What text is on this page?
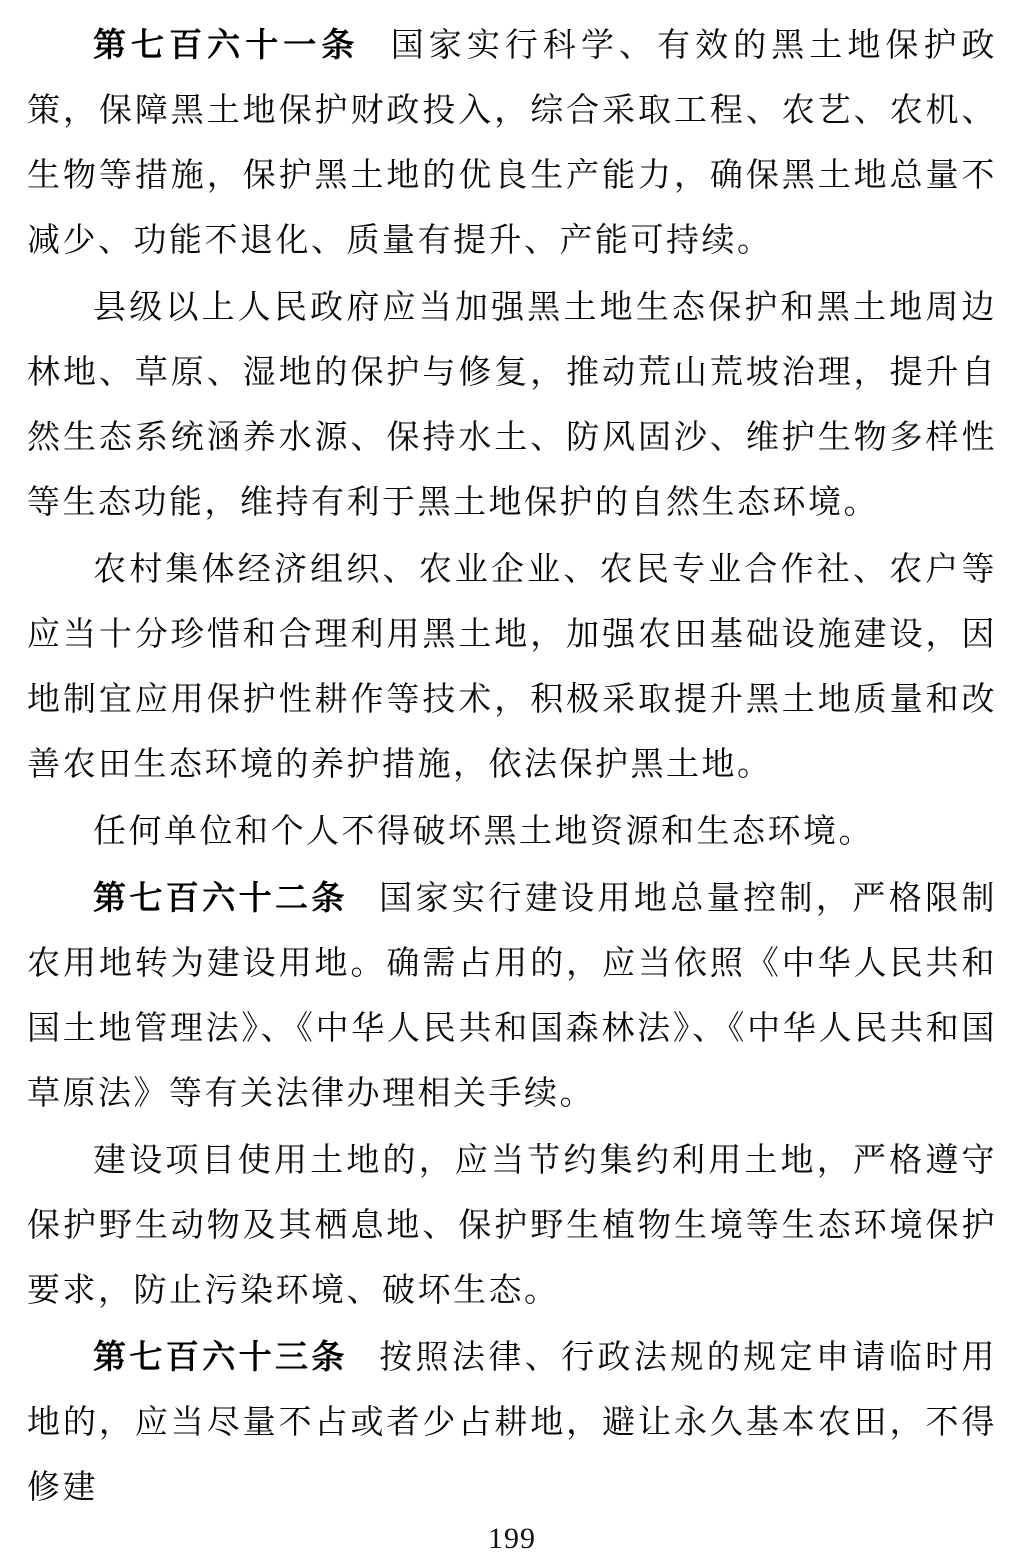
第七百六十一条 国家实行科学、有效的黑土地保护政策，保障黑土地保护财政投入，综合采取工程、农艺、农机、生物等措施，保护黑土地的优良生产能力，确保黑土地总量不减少、功能不退化、质量有提升、产能可持续。

县级以上人民政府应当加强黑土地生态保护和黑土地周边林地、草原、湿地的保护与修复，推动荒山荒坡治理，提升自然生态系统涵养水源、保持水土、防风固沙、维护生物多样性等生态功能，维持有利于黑土地保护的自然生态环境。

农村集体经济组织、农业企业、农民专业合作社、农户等应当十分珍惜和合理利用黑土地，加强农田基础设施建设，因地制宜应用保护性耕作等技术，积极采取提升黑土地质量和改善农田生态环境的养护措施，依法保护黑土地。

任何单位和个人不得破坏黑土地资源和生态环境。

第七百六十二条 国家实行建设用地总量控制，严格限制农用地转为建设用地。确需占用的，应当依照《中华人民共和国土地管理法》、《中华人民共和国森林法》、《中华人民共和国草原法》等有关法律办理相关手续。

建设项目使用土地的，应当节约集约利用土地，严格遵守保护野生动物及其栖息地、保护野生植物生境等生态环境保护要求，防止污染环境、破坏生态。

第七百六十三条 按照法律、行政法规的规定申请临时用地的，应当尽量不占或者少占耕地，避让永久基本农田，不得修建

199
